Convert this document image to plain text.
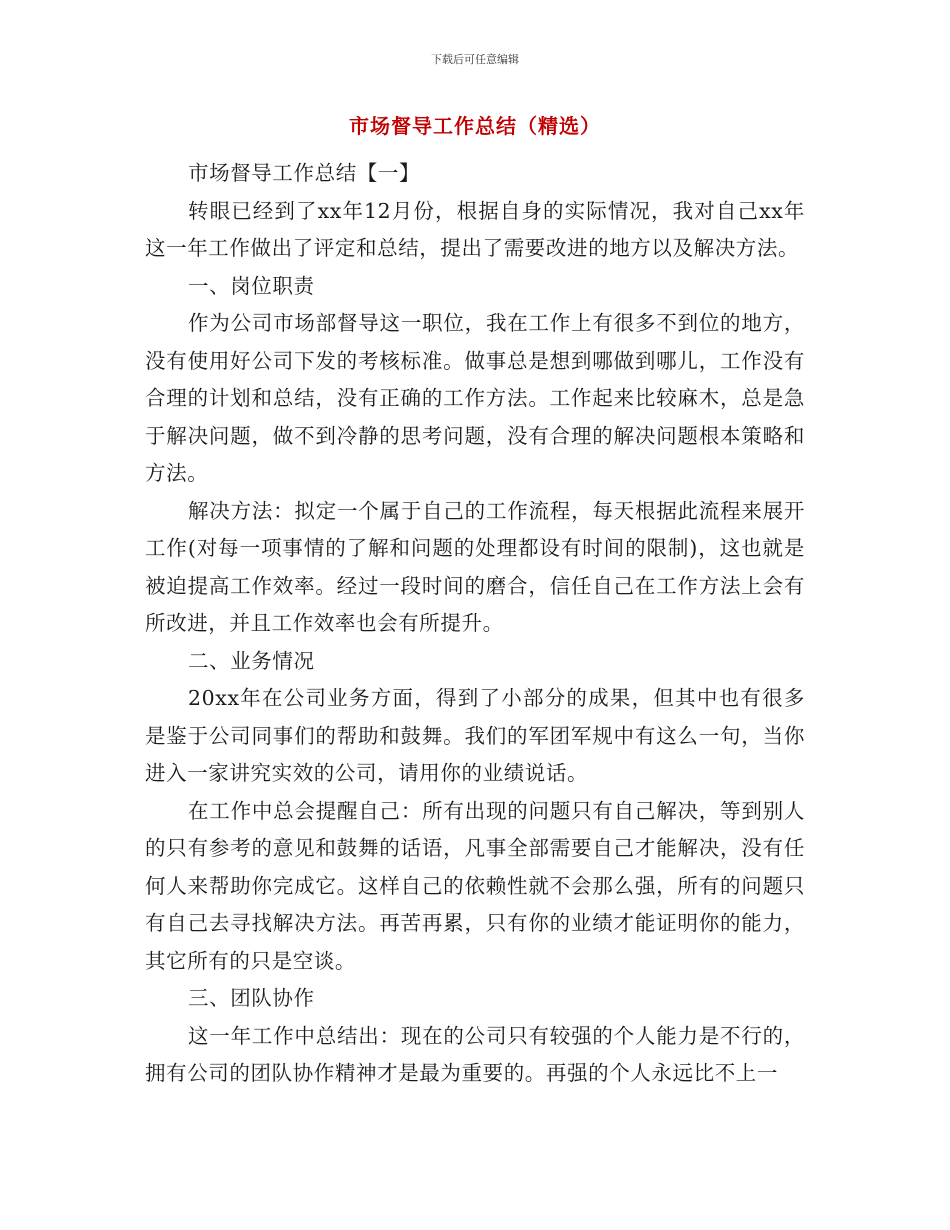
下载后可任意编辑
市场督导工作总结（精选）

市场督导工作总结【一】

转眼已经到了xx年12月份，根据自身的实际情况，我对自己xx年这一年工作做出了评定和总结，提出了需要改进的地方以及解决方法。

一、岗位职责

作为公司市场部督导这一职位，我在工作上有很多不到位的地方，没有使用好公司下发的考核标准。做事总是想到哪做到哪儿，工作没有合理的计划和总结，没有正确的工作方法。工作起来比较麻木，总是急于解决问题，做不到冷静的思考问题，没有合理的解决问题根本策略和方法。

解决方法：拟定一个属于自己的工作流程，每天根据此流程来展开工作(对每一项事情的了解和问题的处理都设有时间的限制)，这也就是被迫提高工作效率。经过一段时间的磨合，信任自己在工作方法上会有所改进，并且工作效率也会有所提升。

二、业务情况

20xx年在公司业务方面，得到了小部分的成果，但其中也有很多是鉴于公司同事们的帮助和鼓舞。我们的军团军规中有这么一句，当你进入一家讲究实效的公司，请用你的业绩说话。

在工作中总会提醒自己：所有出现的问题只有自己解决，等到别人的只有参考的意见和鼓舞的话语，凡事全部需要自己才能解决，没有任何人来帮助你完成它。这样自己的依赖性就不会那么强，所有的问题只有自己去寻找解决方法。再苦再累，只有你的业绩才能证明你的能力，其它所有的只是空谈。

三、团队协作

这一年工作中总结出：现在的公司只有较强的个人能力是不行的，拥有公司的团队协作精神才是最为重要的。再强的个人永远比不上一
